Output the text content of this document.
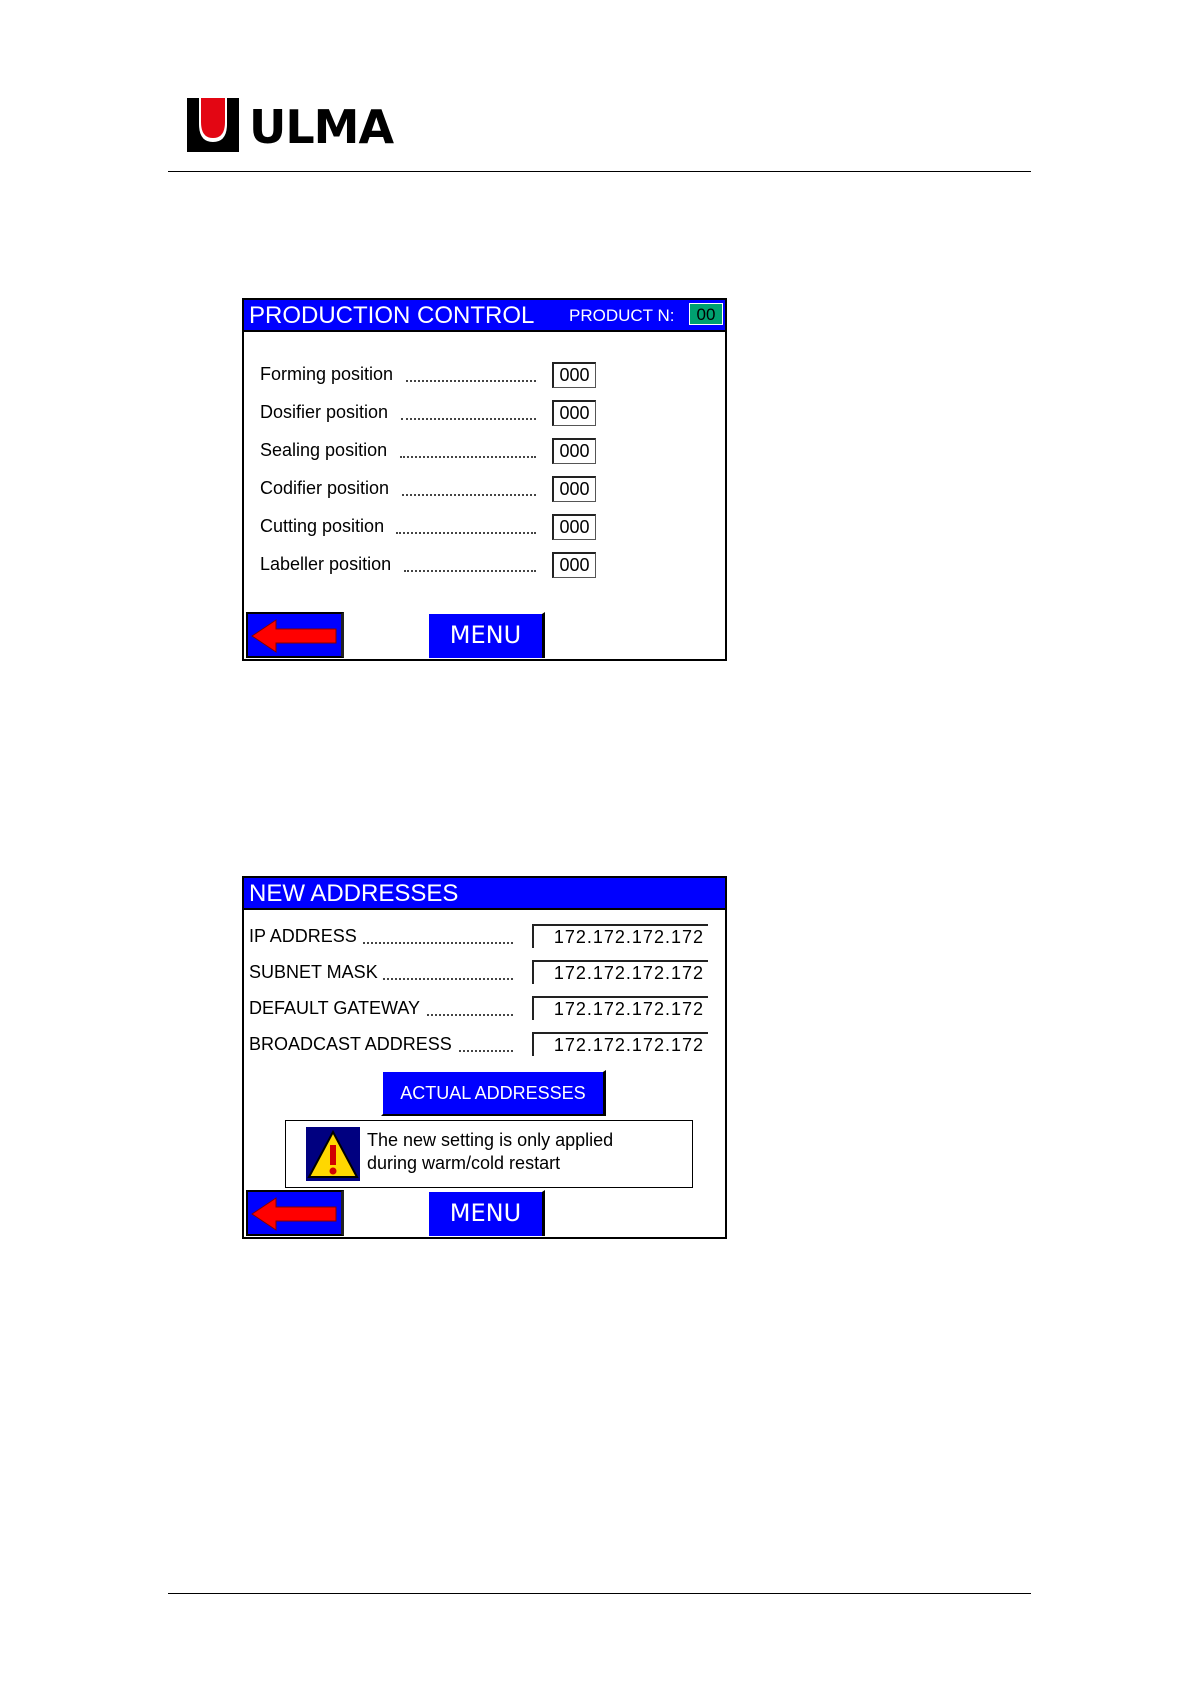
ULMA
PRODUCTION CONTROL PRODUCT N:	00
Forming position	000
Dosifier position	000
Sealing position	000
Codifier position	000
Cutting position	000
Labeller position	000
MENU
NEW ADDRESSES
IP ADDRESS	172.172.172.172
SUBNET MASK	172.172.172.172
DEFAULT GATEWAY	172.172.172.172
BROADCAST ADDRESS	172.172.172.172
ACTUAL ADDRESSES
The new setting is only applied
during warm/cold restart
MENU
